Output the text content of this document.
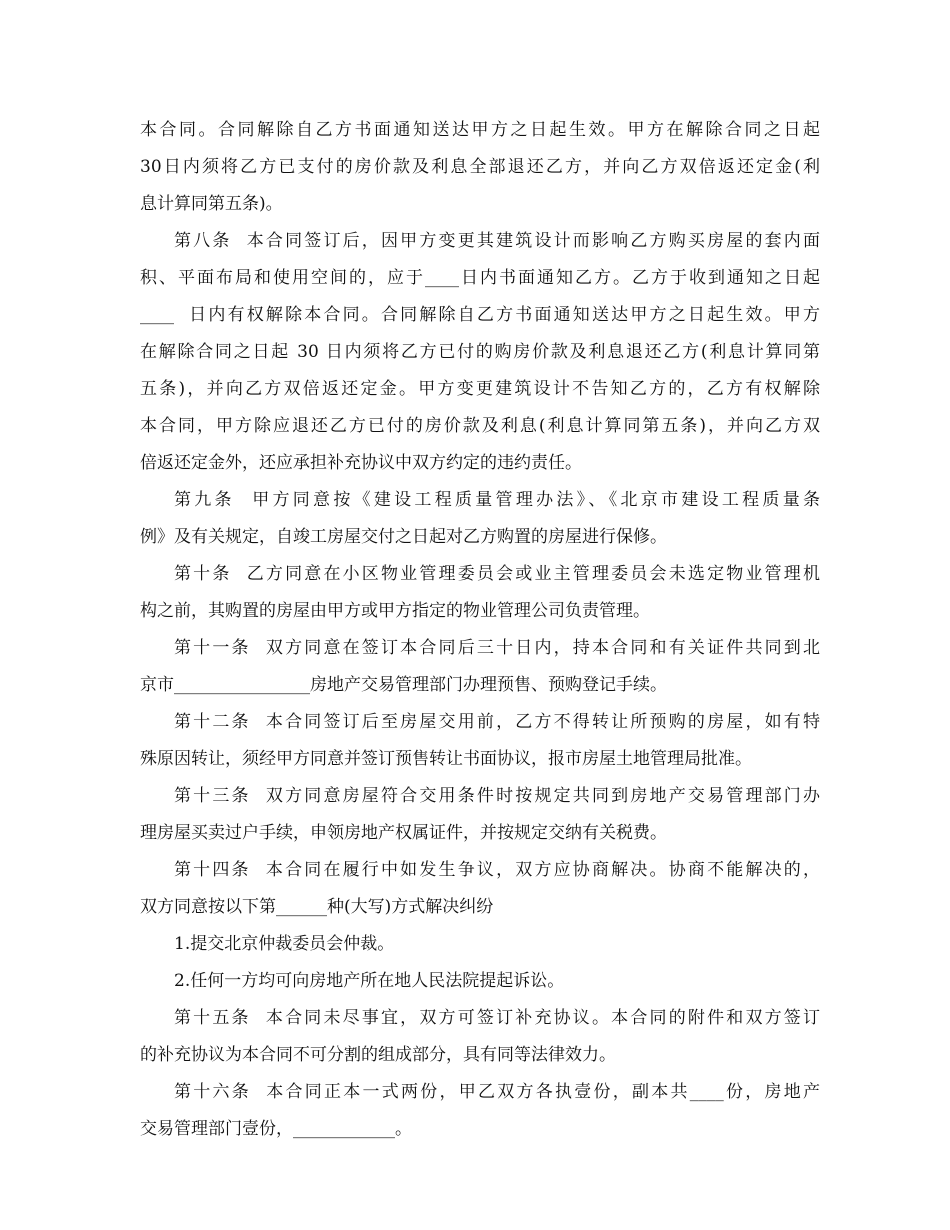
本合同。合同解除自乙方书面通知送达甲方之日起生效。甲方在解除合同之日起
30日内须将乙方已支付的房价款及利息全部退还乙方，并向乙方双倍返还定金(利
息计算同第五条)。
第八条  本合同签订后，因甲方变更其建筑设计而影响乙方购买房屋的套内面
积、平面布局和使用空间的，应于____日内书面通知乙方。乙方于收到通知之日起
____  日内有权解除本合同。合同解除自乙方书面通知送达甲方之日起生效。甲方
在解除合同之日起 30 日内须将乙方已付的购房价款及利息退还乙方(利息计算同第
五条)，并向乙方双倍返还定金。甲方变更建筑设计不告知乙方的，乙方有权解除
本合同，甲方除应退还乙方已付的房价款及利息(利息计算同第五条)，并向乙方双
倍返还定金外，还应承担补充协议中双方约定的违约责任。
第九条  甲方同意按《建设工程质量管理办法》、《北京市建设工程质量条
例》及有关规定，自竣工房屋交付之日起对乙方购置的房屋进行保修。
第十条  乙方同意在小区物业管理委员会或业主管理委员会未选定物业管理机
构之前，其购置的房屋由甲方或甲方指定的物业管理公司负责管理。
第十一条  双方同意在签订本合同后三十日内，持本合同和有关证件共同到北
京市________________房地产交易管理部门办理预售、预购登记手续。
第十二条  本合同签订后至房屋交用前，乙方不得转让所预购的房屋，如有特
殊原因转让，须经甲方同意并签订预售转让书面协议，报市房屋土地管理局批准。
第十三条  双方同意房屋符合交用条件时按规定共同到房地产交易管理部门办
理房屋买卖过户手续，申领房地产权属证件，并按规定交纳有关税费。
第十四条  本合同在履行中如发生争议，双方应协商解决。协商不能解决的，
双方同意按以下第______种(大写)方式解决纠纷
1.提交北京仲裁委员会仲裁。
2.任何一方均可向房地产所在地人民法院提起诉讼。
第十五条  本合同未尽事宜，双方可签订补充协议。本合同的附件和双方签订
的补充协议为本合同不可分割的组成部分，具有同等法律效力。
第十六条  本合同正本一式两份，甲乙双方各执壹份，副本共____份，房地产
交易管理部门壹份，____________。
